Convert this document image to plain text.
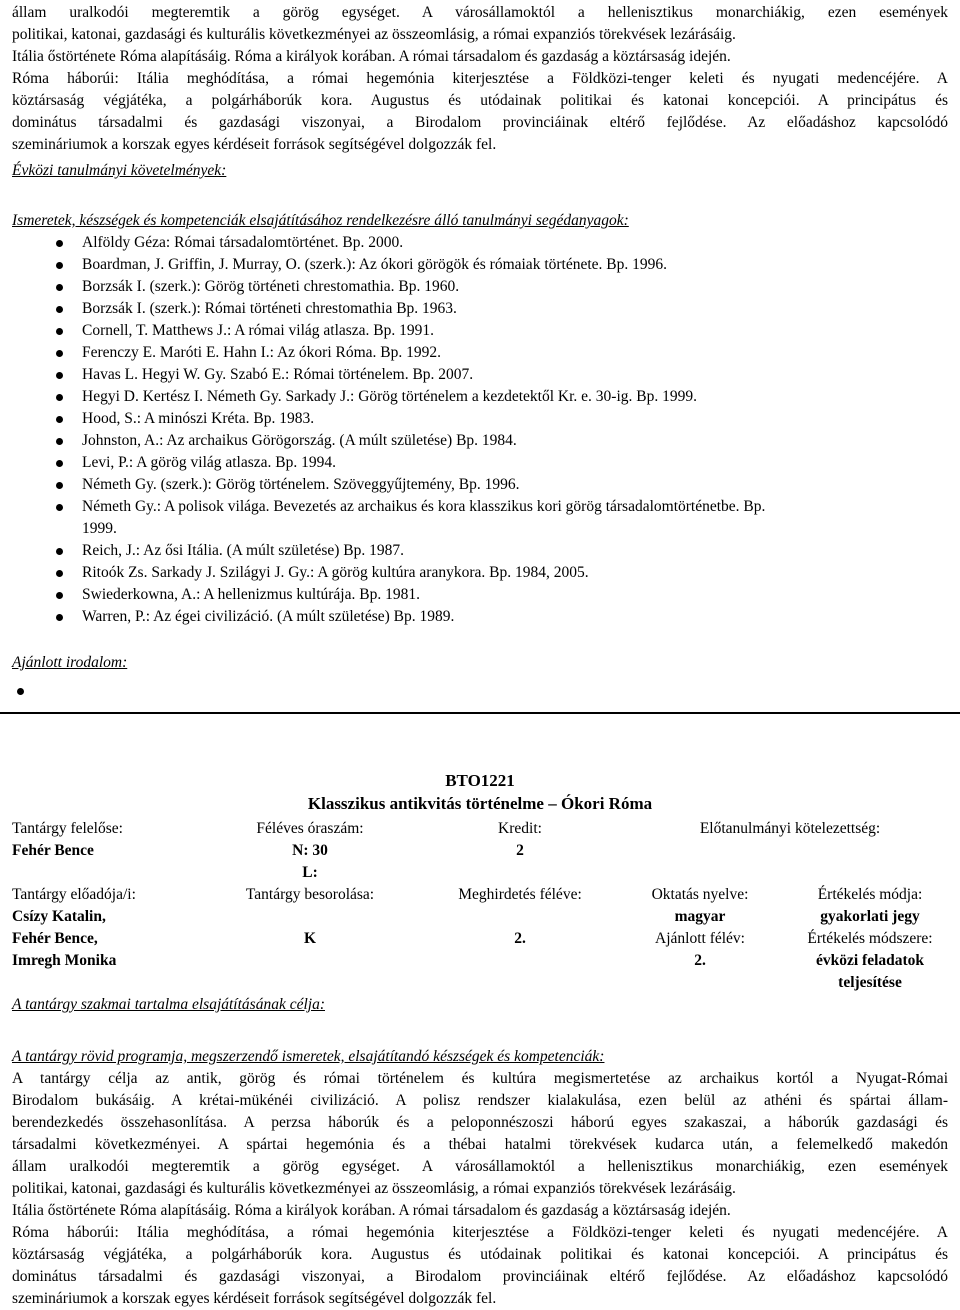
állam uralkodói megteremtik a görög egységet. A városállamoktól a hellenisztikus monarchiákig, ezen események
politikai, katonai, gazdasági és kulturális következményei az összeomlásig, a római expanziós törekvések lezárásáig.
Itália őstörténete Róma alapításáig. Róma a királyok korában. A római társadalom és gazdaság a köztársaság idején.
Róma háborúi: Itália meghódítása, a római hegemónia kiterjesztése a Földközi-tenger keleti és nyugati medencéjére. A
köztársaság végjátéka, a polgárháborúk kora. Augustus és utódainak politikai és katonai koncepciói. A principátus és
dominátus társadalmi és gazdasági viszonyai, a Birodalom provinciáinak eltérő fejlődése. Az előadáshoz kapcsolódó
szemináriumok a korszak egyes kérdéseit források segítségével dolgozzák fel.
Évközi tanulmányi követelmények:
Ismeretek, készségek és kompetenciák elsajátításához rendelkezésre álló tanulmányi segédanyagok:
Alföldy Géza: Római társadalomtörténet. Bp. 2000.
Boardman, J. Griffin, J. Murray, O. (szerk.): Az ókori görögök és rómaiak története. Bp. 1996.
Borzsák I. (szerk.): Görög történeti chrestomathia. Bp. 1960.
Borzsák I. (szerk.): Római történeti chrestomathia Bp. 1963.
Cornell, T. Matthews J.: A római világ atlasza. Bp. 1991.
Ferenczy E. Maróti E. Hahn I.: Az ókori Róma. Bp. 1992.
Havas L. Hegyi W. Gy. Szabó E.: Római történelem. Bp. 2007.
Hegyi D. Kertész I. Németh Gy. Sarkady J.: Görög történelem a kezdetektől Kr. e. 30-ig. Bp. 1999.
Hood, S.: A minószi Kréta. Bp. 1983.
Johnston, A.: Az archaikus Görögország. (A múlt születése) Bp. 1984.
Levi, P.: A görög világ atlasza. Bp. 1994.
Németh Gy. (szerk.): Görög történelem. Szöveggyűjtemény, Bp. 1996.
Németh Gy.: A polisok világa. Bevezetés az archaikus és kora klasszikus kori görög társadalomtörténetbe. Bp.
1999.
Reich, J.: Az ősi Itália. (A múlt születése) Bp. 1987.
Ritoók Zs. Sarkady J. Szilágyi J. Gy.: A görög kultúra aranykora. Bp. 1984, 2005.
Swiederkowna, A.: A hellenizmus kultúrája. Bp. 1981.
Warren, P.: Az égei civilizáció. (A múlt születése) Bp. 1989.
Ajánlott irodalom:
BTO1221
Klasszikus antikvitás történelme – Ókori Róma
Tantárgy felelőse:
Fehér Bence
Féléves óraszám:
N: 30
L:
Kredit:
2
Előtanulmányi kötelezettség:
Tantárgy előadója/i:
Csízy Katalin,
Fehér Bence,
Imregh Monika
Tantárgy besorolása:
K
Meghirdetés féléve:
2.
Oktatás nyelve:
magyar
Ajánlott félév:
2.
Értékelés módja:
gyakorlati jegy
Értékelés módszere:
évközi feladatok
teljesítése
A tantárgy szakmai tartalma elsajátításának célja:
A tantárgy rövid programja, megszerzendő ismeretek, elsajátítandó készségek és kompetenciák:
A tantárgy célja az antik, görög és római történelem és kultúra megismertetése az archaikus kortól a Nyugat-Római
Birodalom bukásáig. A krétai-mükénéi civilizáció. A polisz rendszer kialakulása, ezen belül az athéni és spártai állam-
berendezkedés összehasonlítása. A perzsa háborúk és a peloponnészoszi háború egyes szakaszai, a háborúk gazdasági és
társadalmi következményei. A spártai hegemónia és a thébai hatalmi törekvések kudarca után, a felemelkedő makedón
állam uralkodói megteremtik a görög egységet. A városállamoktól a hellenisztikus monarchiákig, ezen események
politikai, katonai, gazdasági és kulturális következményei az összeomlásig, a római expanziós törekvések lezárásáig.
Itália őstörténete Róma alapításáig. Róma a királyok korában. A római társadalom és gazdaság a köztársaság idején.
Róma háborúi: Itália meghódítása, a római hegemónia kiterjesztése a Földközi-tenger keleti és nyugati medencéjére. A
köztársaság végjátéka, a polgárháborúk kora. Augustus és utódainak politikai és katonai koncepciói. A principátus és
dominátus társadalmi és gazdasági viszonyai, a Birodalom provinciáinak eltérő fejlődése. Az előadáshoz kapcsolódó
szemináriumok a korszak egyes kérdéseit források segítségével dolgozzák fel.
